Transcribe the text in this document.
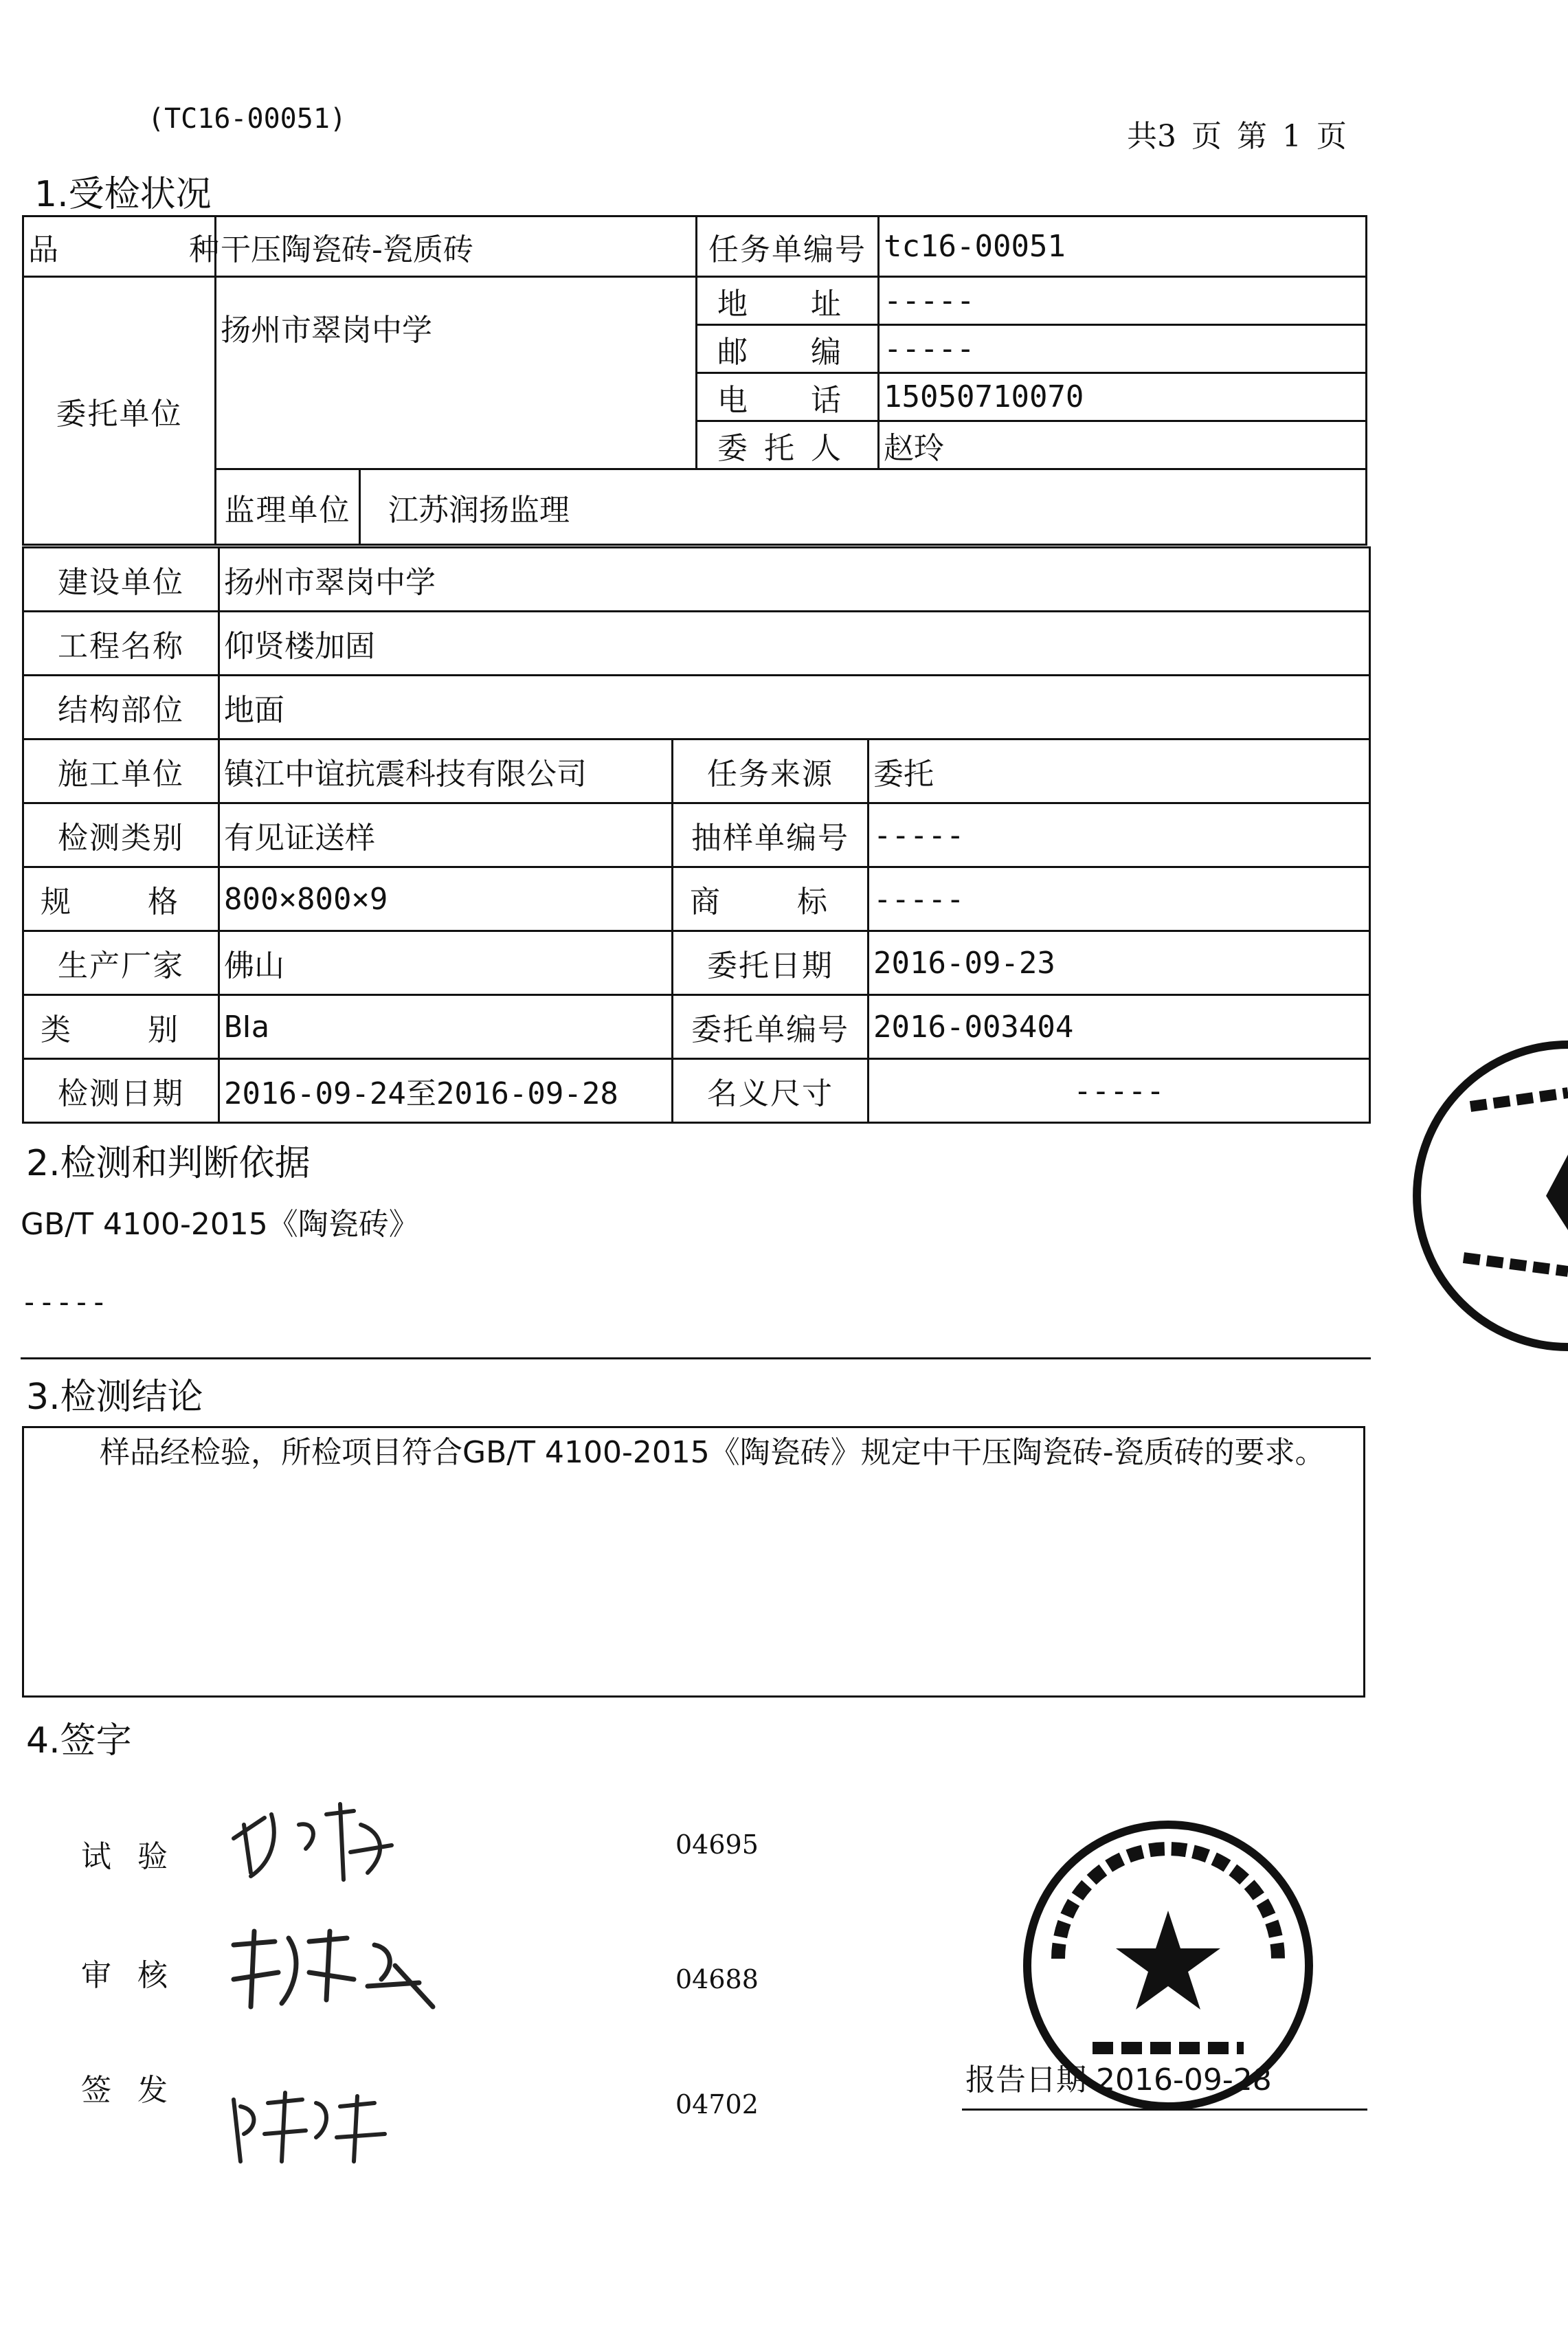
(TC16-00051)	共3 页 第 1 页
1.受检状况
品　　种	干压陶瓷砖-瓷质砖		任务单编号	tc16-00051
委托单位	扬州市翠岗中学		地　址	-----
			邮　编	-----
			电　话	15050710070
			委托人	赵玲
	监理单位	江苏润扬监理		
建设单位	扬州市翠岗中学		
工程名称	仰贤楼加固		
结构部位	地面		
施工单位	镇江中谊抗震科技有限公司	任务来源	委托
检测类别	有见证送样	抽样单编号	-----
规　格	800×800×9	商　标	-----
生产厂家	佛山	委托日期	2016-09-23
类　别	BⅠa	委托单编号	2016-003404
检测日期	2016-09-24至2016-09-28	名义尺寸	-----
2.检测和判断依据
GB/T 4100-2015《陶瓷砖》
-----
3.检测结论
样品经检验，所检项目符合GB/T 4100-2015《陶瓷砖》规定中干压陶瓷砖-瓷质砖的要求。
4.签字
试验	04695
审核	04688
签发	04702
报告日期 2016-09-28
